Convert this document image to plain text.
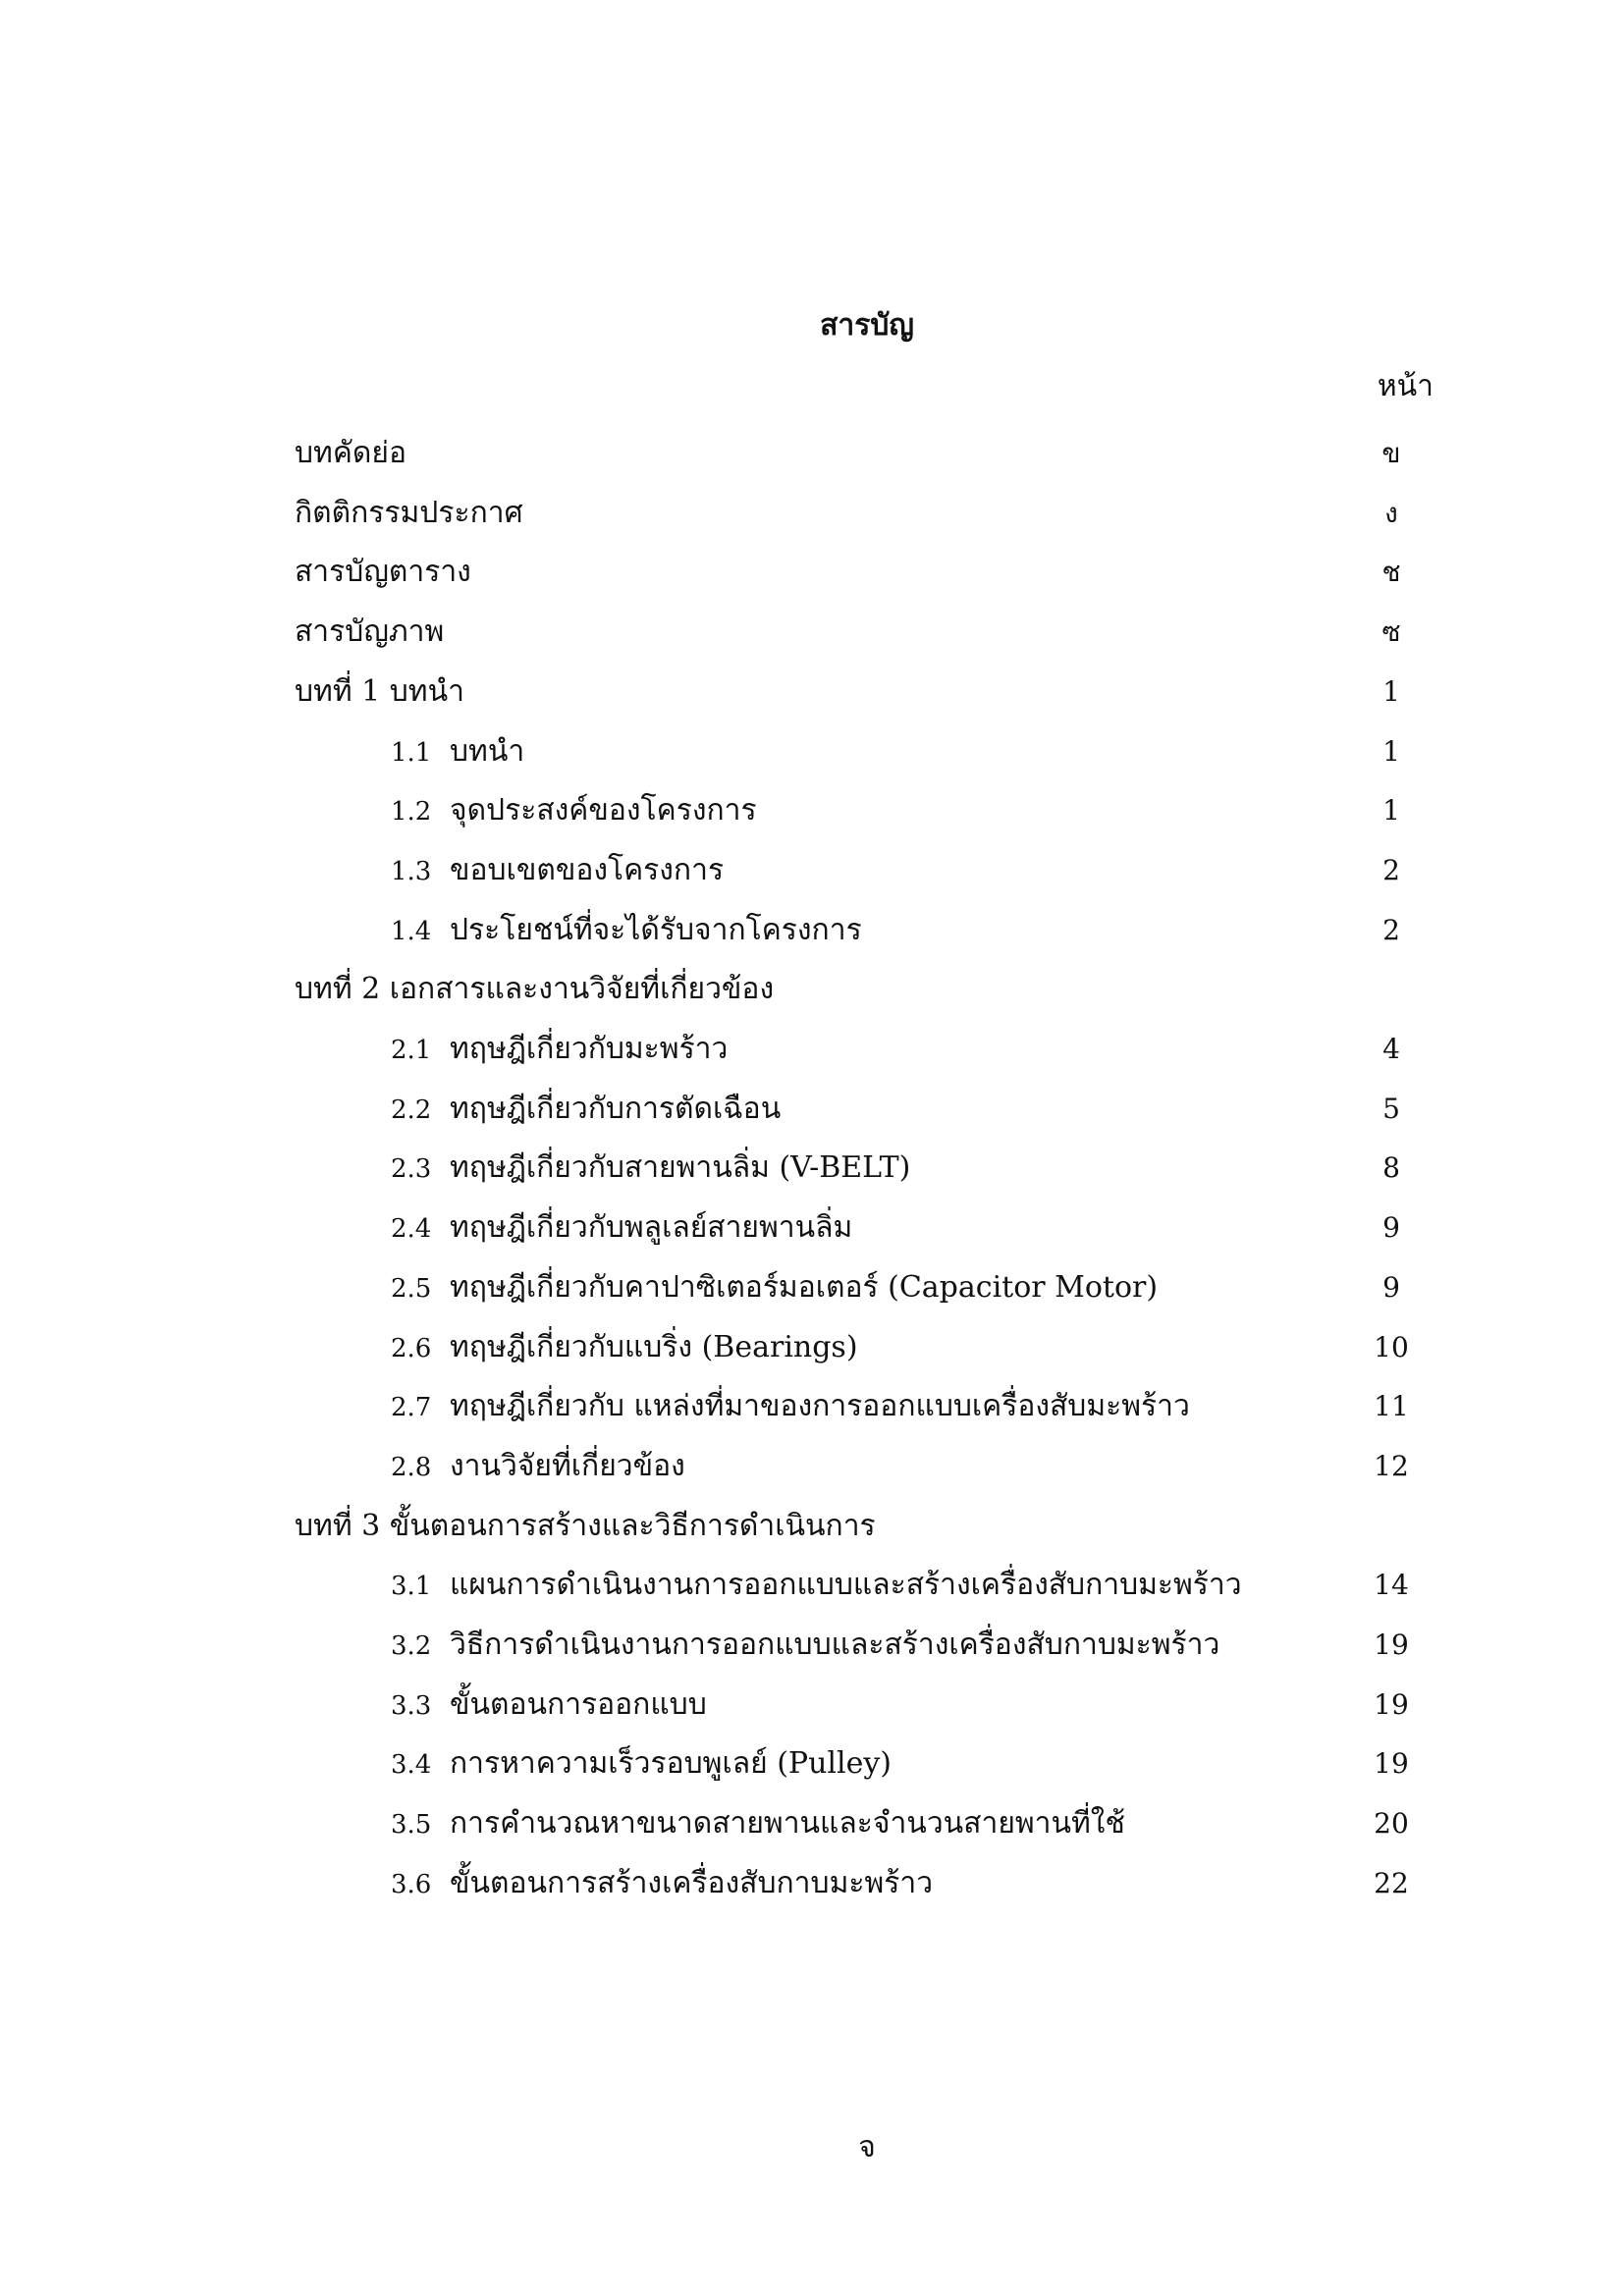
สารบัญ
หน้า
บทคัดย่อ	ข
กิตติกรรมประกาศ	ง
สารบัญตาราง	ช
สารบัญภาพ	ซ
บทที่ 1 บทนำ	1
1.1 บทนำ	1
1.2 จุดประสงค์ของโครงการ	1
1.3 ขอบเขตของโครงการ	2
1.4 ประโยชน์ที่จะได้รับจากโครงการ	2
บทที่ 2 เอกสารและงานวิจัยที่เกี่ยวข้อง
2.1 ทฤษฎีเกี่ยวกับมะพร้าว	4
2.2 ทฤษฎีเกี่ยวกับการตัดเฉือน	5
2.3 ทฤษฎีเกี่ยวกับสายพานลิ่ม (V-BELT)	8
2.4 ทฤษฎีเกี่ยวกับพลูเลย์สายพานลิ่ม	9
2.5 ทฤษฎีเกี่ยวกับคาปาซิเตอร์มอเตอร์ (Capacitor Motor)	9
2.6 ทฤษฎีเกี่ยวกับแบริ่ง (Bearings)	10
2.7 ทฤษฎีเกี่ยวกับ แหล่งที่มาของการออกแบบเครื่องสับมะพร้าว	11
2.8 งานวิจัยที่เกี่ยวข้อง	12
บทที่ 3 ขั้นตอนการสร้างและวิธีการดำเนินการ
3.1 แผนการดำเนินงานการออกแบบและสร้างเครื่องสับกาบมะพร้าว	14
3.2 วิธีการดำเนินงานการออกแบบและสร้างเครื่องสับกาบมะพร้าว	19
3.3 ขั้นตอนการออกแบบ	19
3.4 การหาความเร็วรอบพูเลย์ (Pulley)	19
3.5 การคำนวณหาขนาดสายพานและจำนวนสายพานที่ใช้	20
3.6 ขั้นตอนการสร้างเครื่องสับกาบมะพร้าว	22
จ
